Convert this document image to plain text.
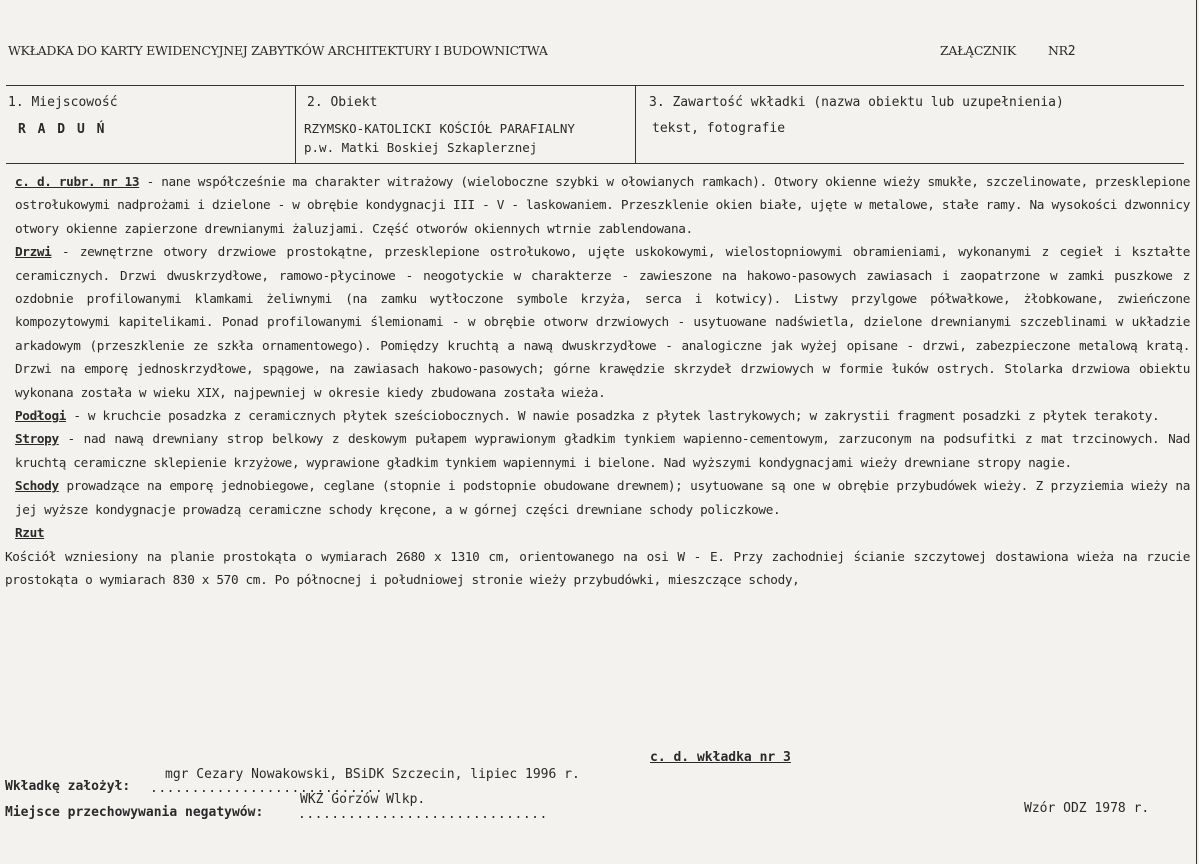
WKŁADKA DO KARTY EWIDENCYJNEJ ZABYTKÓW ARCHITEKTURY I BUDOWNICTWA	ZAŁĄCZNIK	NR2
1. Miejscowość
R A D U Ń
2. Obiekt
RZYMSKO-KATOLICKI KOŚCIÓŁ PARAFIALNY
p.w. Matki Boskiej Szkaplerznej
3. Zawartość wkładki (nazwa obiektu lub uzupełnienia)
tekst, fotografie

c. d. rubr. nr 13 - nane współcześnie ma charakter witrażowy (wieloboczne szybki w ołowianych ramkach). Otwory okienne wieży smukłe, szczelinowate, przesklepione ostrołukowymi nadprożami i dzielone - w obrębie kondygnacji III - V - laskowaniem. Przeszklenie okien białe, ujęte w metalowe, stałe ramy. Na wysokości dzwonnicy otwory okienne zapierzone drewnianymi żaluzjami. Część otworów okiennych wtrnie zablendowana.

Drzwi - zewnętrzne otwory drzwiowe prostokątne, przesklepione ostrołukowo, ujęte uskokowymi, wielostopniowymi obramieniami, wykonanymi z cegieł i kształte ceramicznych. Drzwi dwuskrzydłowe, ramowo-płycinowe - neogotyckie w charakterze - zawieszone na hakowo-pasowych zawiasach i zaopatrzone w zamki puszkowe z ozdobnie profilowanymi klamkami żeliwnymi (na zamku wytłoczone symbole krzyża, serca i kotwicy). Listwy przylgowe półwałkowe, żłobkowane, zwieńczone kompozytowymi kapitelikami. Ponad profilowanymi ślemionami - w obrębie otworw drzwiowych - usytuowane nadświetla, dzielone drewnianymi szczeblinami w układzie arkadowym (przeszklenie ze szkła ornamentowego). Pomiędzy kruchtą a nawą dwuskrzydłowe - analogiczne jak wyżej opisane - drzwi, zabezpieczone metalową kratą. Drzwi na emporę jednoskrzydłowe, spągowe, na zawiasach hakowo-pasowych; górne krawędzie skrzydeł drzwiowych w formie łuków ostrych. Stolarka drzwiowa obiektu wykonana została w wieku XIX, najpewniej w okresie kiedy zbudowana została wieża.

Podłogi - w kruchcie posadzka z ceramicznych płytek sześciobocznych. W nawie posadzka z płytek lastrykowych; w zakrystii fragment posadzki z płytek terakoty.

Stropy - nad nawą drewniany strop belkowy z deskowym pułapem wyprawionym gładkim tynkiem wapienno-cementowym, zarzuconym na podsufitki z mat trzcinowych. Nad kruchtą ceramiczne sklepienie krzyżowe, wyprawione gładkim tynkiem wapiennymi i bielone. Nad wyższymi kondygnacjami wieży drewniane stropy nagie.

Schody prowadzące na emporę jednobiegowe, ceglane (stopnie i podstopnie obudowane drewnem); usytuowane są one w obrębie przybudówek wieży. Z przyziemia wieży na jej wyższe kondygnacje prowadzą ceramiczne schody kręcone, a w górnej części drewniane schody policzkowe.

Rzut

Kościół wzniesiony na planie prostokąta o wymiarach 2680 x 1310 cm, orientowanego na osi W - E. Przy zachodniej ścianie szczytowej dostawiona wieża na rzucie prostokąta o wymiarach 830 x 570 cm. Po północnej i południowej stronie wieży przybudówki, mieszczące schody,

c. d. wkładka nr 3
Wkładkę założył: ............................
mgr Cezary Nowakowski, BSiDK Szczecin, lipiec 1996 r.
Miejsce przechowywania negatywów:	..............................
WKZ Gorzów Wlkp.
Wzór ODZ 1978 r.
